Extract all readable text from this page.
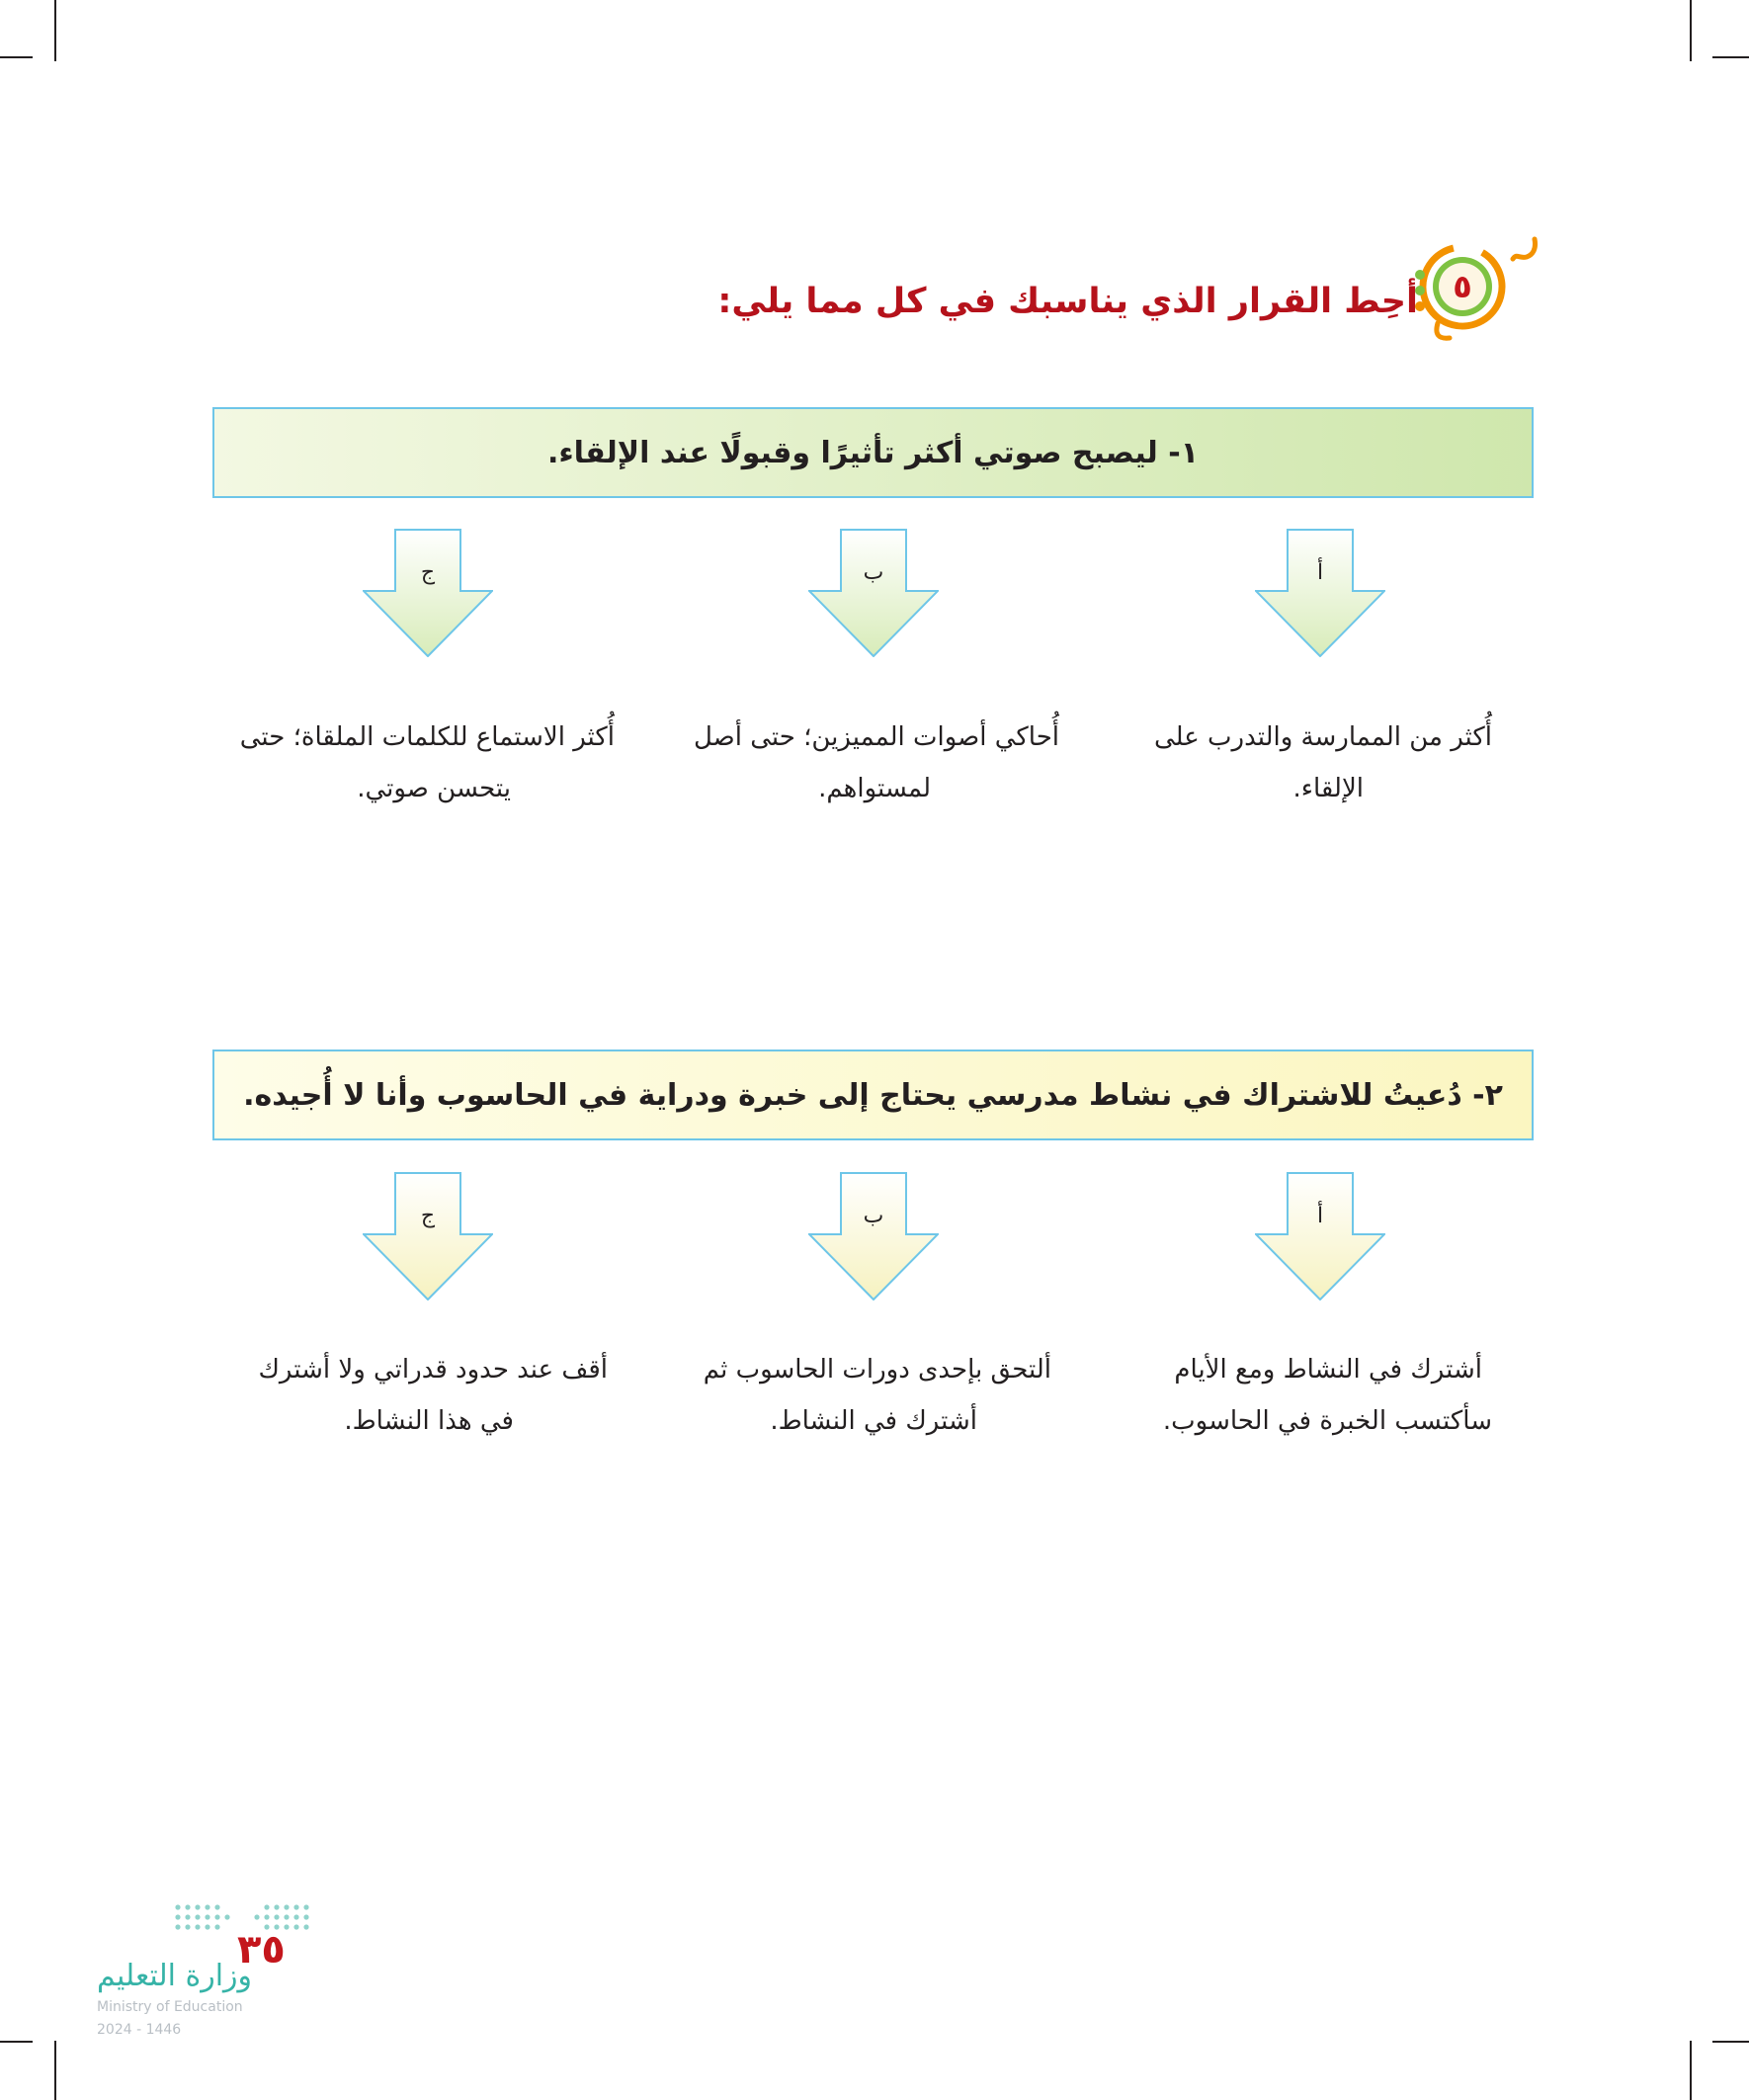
٥
أحِط القرار الذي يناسبك في كل مما يلي:
١- ليصبح صوتي أكثر تأثيرًا وقبولًا عند الإلقاء.
أ
ب
ج
أُكثر من الممارسة والتدرب على
الإلقاء.
أُحاكي أصوات المميزين؛ حتى أصل
لمستواهم.
أُكثر الاستماع للكلمات الملقاة؛ حتى
يتحسن صوتي.
٢- دُعيتُ للاشتراك في نشاط مدرسي يحتاج إلى خبرة ودراية في الحاسوب وأنا لا أُجيده.
أ
ب
ج
أشترك في النشاط ومع الأيام
سأكتسب الخبرة في الحاسوب.
ألتحق بإحدى دورات الحاسوب ثم
أشترك في النشاط.
أقف عند حدود قدراتي ولا أشترك
في هذا النشاط.
٣٥
وزارة التعليم
Ministry of Education
2024 - 1446
